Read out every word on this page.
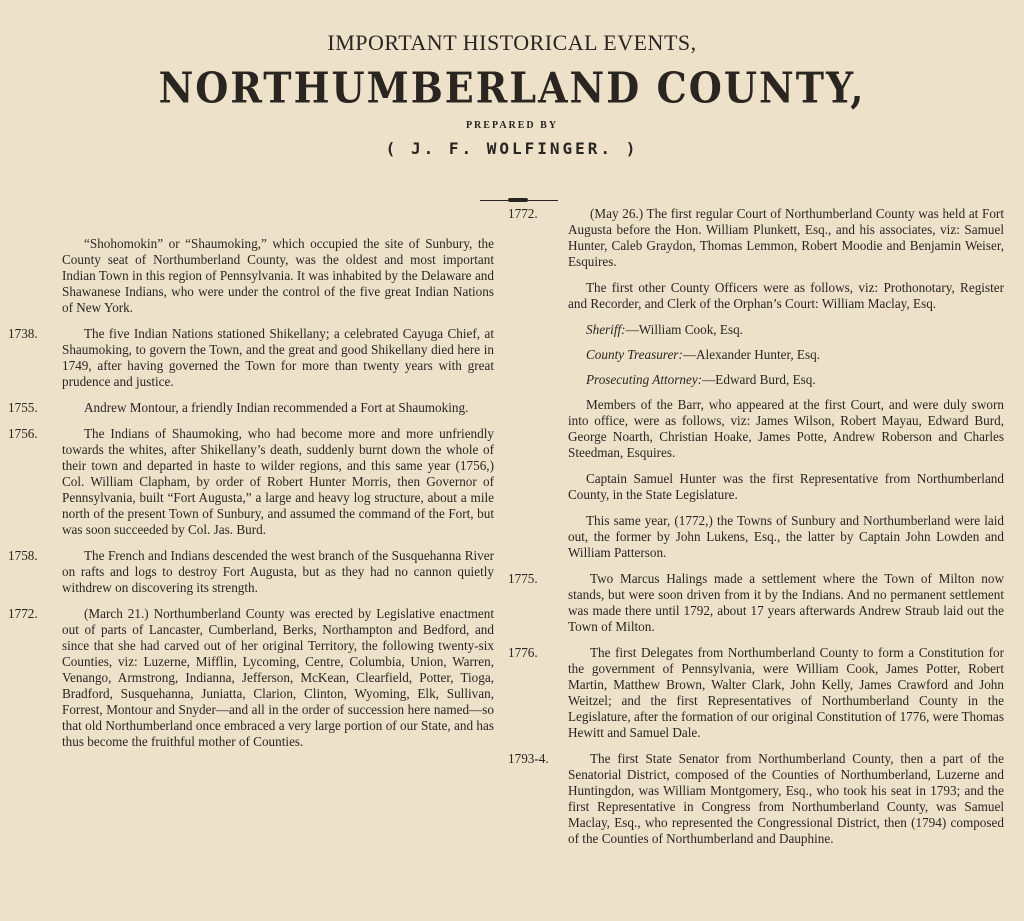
IMPORTANT HISTORICAL EVENTS,
NORTHUMBERLAND COUNTY,
PREPARED BY
( J. F. WOLFINGER. )

“Shohomokin” or “Shaumoking,” which occupied the site of Sunbury, the County seat of Northumberland County, was the oldest and most important Indian Town in this region of Pennsylvania. It was inhabited by the Delaware and Shawanese Indians, who were under the control of the five great Indian Nations of New York.

1738.	The five Indian Nations stationed Shikellany; a celebrated Cayuga Chief, at Shaumoking, to govern the Town, and the great and good Shikellany died here in 1749, after having governed the Town for more than twenty years with great prudence and justice.
1755.	Andrew Montour, a friendly Indian recommended a Fort at Shaumoking.
1756.	The Indians of Shaumoking, who had become more and more unfriendly towards the whites, after Shikellany’s death, suddenly burnt down the whole of their town and departed in haste to wilder regions, and this same year (1756,) Col. William Clapham, by order of Robert Hunter Morris, then Governor of Pennsylvania, built “Fort Augusta,” a large and heavy log structure, about a mile north of the present Town of Sunbury, and assumed the command of the Fort, but was soon succeeded by Col. Jas. Burd.
1758.	The French and Indians descended the west branch of the Susquehanna River on rafts and logs to destroy Fort Augusta, but as they had no cannon quietly withdrew on discovering its strength.
1772.	(March 21.) Northumberland County was erected by Legislative enactment out of parts of Lancaster, Cumberland, Berks, Northampton and Bedford, and since that she had carved out of her original Territory, the following twenty-six Counties, viz: Luzerne, Mifflin, Lycoming, Centre, Columbia, Union, Warren, Venango, Armstrong, Indianna, Jefferson, McKean, Clearfield, Potter, Tioga, Bradford, Susquehanna, Juniatta, Clarion, Clinton, Wyoming, Elk, Sullivan, Forrest, Montour and Snyder—and all in the order of succession here named—so that old Northumberland once embraced a very large portion of our State, and has thus become the fruithful mother of Counties.
1772.	(May 26.) The first regular Court of Northumberland County was held at Fort Augusta before the Hon. William Plunkett, Esq., and his associates, viz: Samuel Hunter, Caleb Graydon, Thomas Lemmon, Robert Moodie and Benjamin Weiser, Esquires.
The first other County Officers were as follows, viz: Prothonotary, Register and Recorder, and Clerk of the Orphan’s Court: William Maclay, Esq.
Sheriff:—William Cook, Esq.
County Treasurer:—Alexander Hunter, Esq.
Prosecuting Attorney:—Edward Burd, Esq.
Members of the Barr, who appeared at the first Court, and were duly sworn into office, were as follows, viz: James Wilson, Robert Mayau, Edward Burd, George Noarth, Christian Hoake, James Potte, Andrew Roberson and Charles Steedman, Esquires.
Captain Samuel Hunter was the first Representative from Northumberland County, in the State Legislature.
This same year, (1772,) the Towns of Sunbury and Northumberland were laid out, the former by John Lukens, Esq., the latter by Captain John Lowden and William Patterson.
1775.	Two Marcus Halings made a settlement where the Town of Milton now stands, but were soon driven from it by the Indians. And no permanent settlement was made there until 1792, about 17 years afterwards Andrew Straub laid out the Town of Milton.
1776.	The first Delegates from Northumberland County to form a Constitution for the government of Pennsylvania, were William Cook, James Potter, Robert Martin, Matthew Brown, Walter Clark, John Kelly, James Crawford and John Weitzel; and the first Representatives of Northumberland County in the Legislature, after the formation of our original Constitution of 1776, were Thomas Hewitt and Samuel Dale.
1793-4.	The first State Senator from Northumberland County, then a part of the Senatorial District, composed of the Counties of Northumberland, Luzerne and Huntingdon, was William Montgomery, Esq., who took his seat in 1793; and the first Representative in Congress from Northumberland County, was Samuel Maclay, Esq., who represented the Congressional District, then (1794) composed of the Counties of Northumberland and Dauphine.
